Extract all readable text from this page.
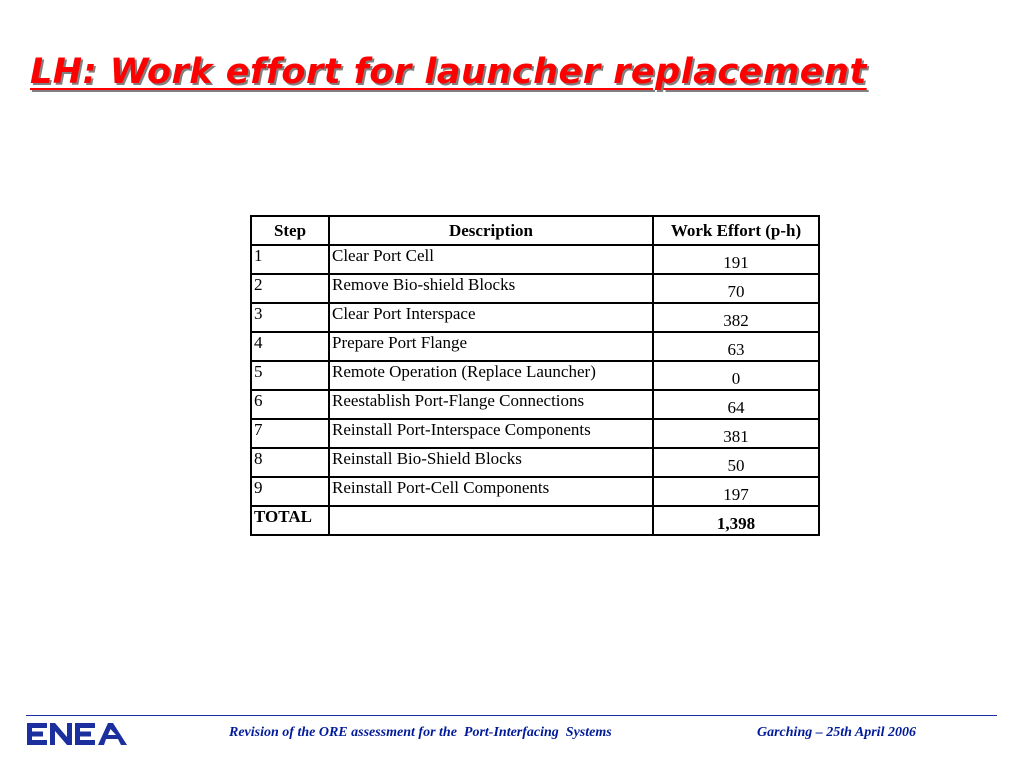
LH: Work effort for launcher replacement
Step	Description	Work Effort (p-h)
1	Clear Port Cell	191
2	Remove Bio-shield Blocks	70
3	Clear Port Interspace	382
4	Prepare Port Flange	63
5	Remote Operation (Replace Launcher)	0
6	Reestablish Port-Flange Connections	64
7	Reinstall Port-Interspace Components	381
8	Reinstall Bio-Shield Blocks	50
9	Reinstall Port-Cell Components	197
TOTAL		1,398
Revision of the ORE assessment for the  Port-Interfacing  Systems	Garching – 25th April 2006
